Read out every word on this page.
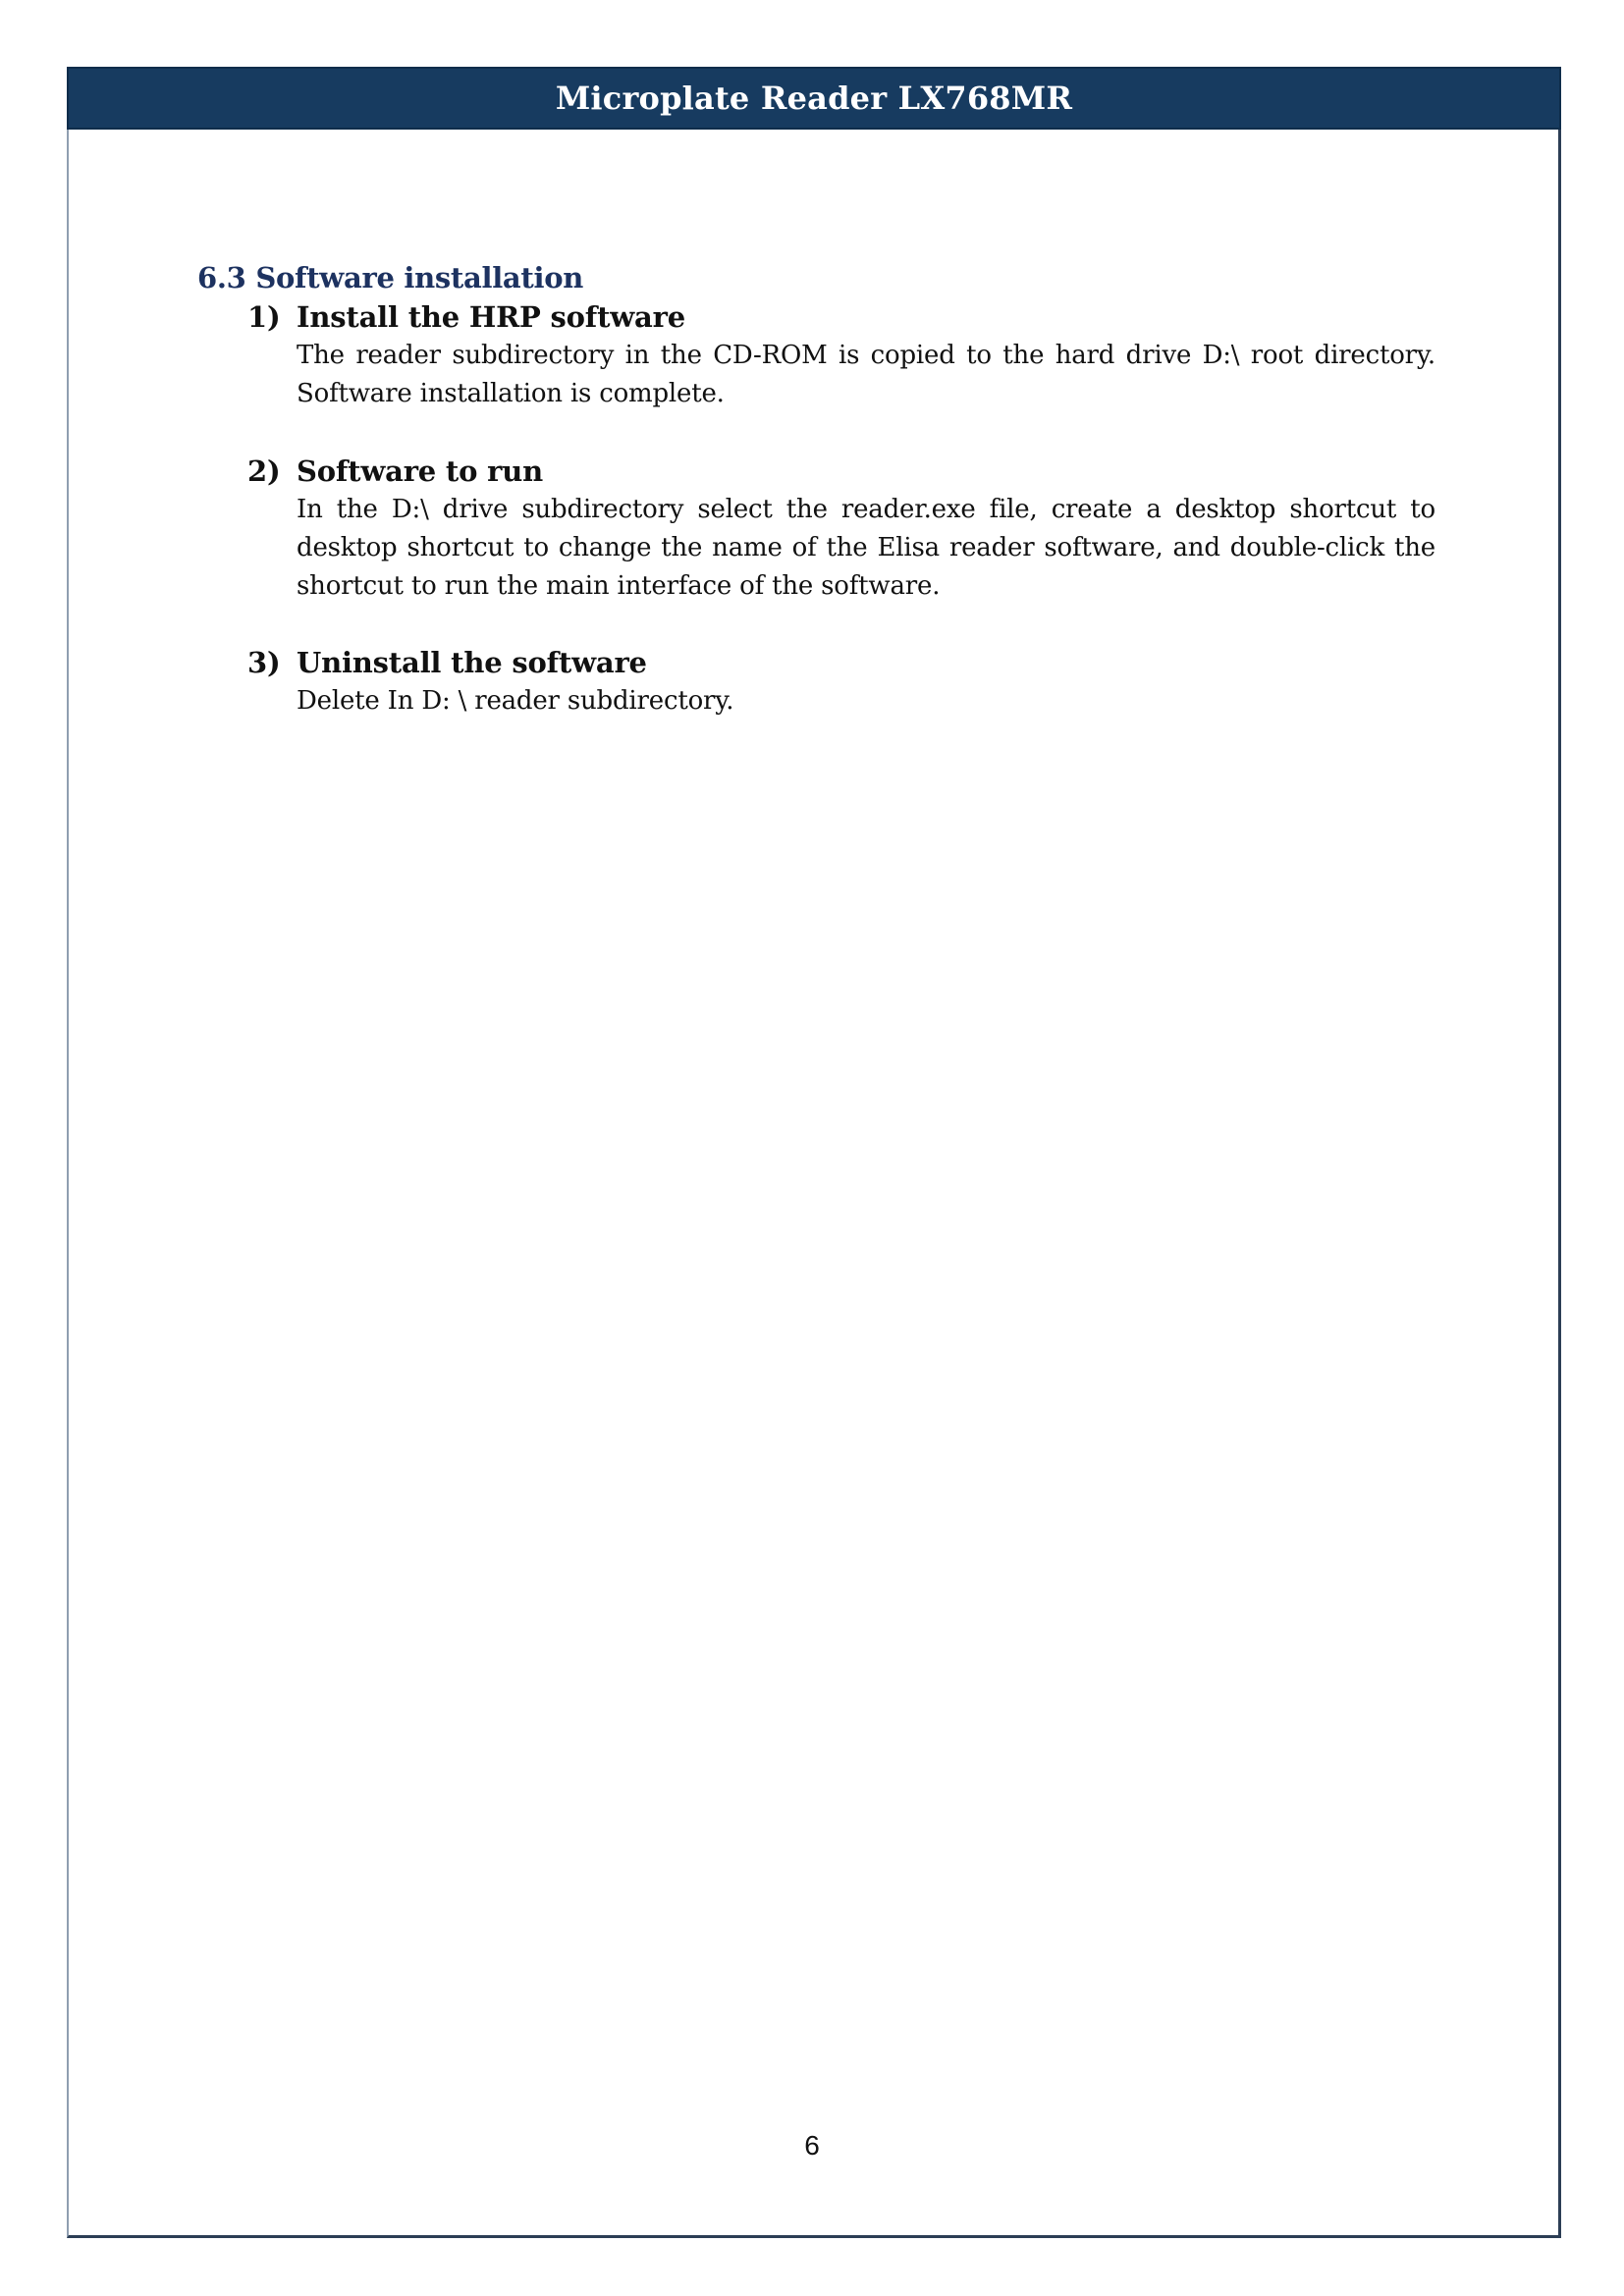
Microplate Reader LX768MR
6.3 Software installation
1) Install the HRP software

The reader subdirectory in the CD-ROM is copied to the hard drive D:\ root directory. Software installation is complete.

2) Software to run

In the D:\ drive subdirectory select the reader.exe file, create a desktop shortcut to desktop shortcut to change the name of the Elisa reader software, and double-click the shortcut to run the main interface of the software.

3) Uninstall the software

Delete In D: \ reader subdirectory.

6
